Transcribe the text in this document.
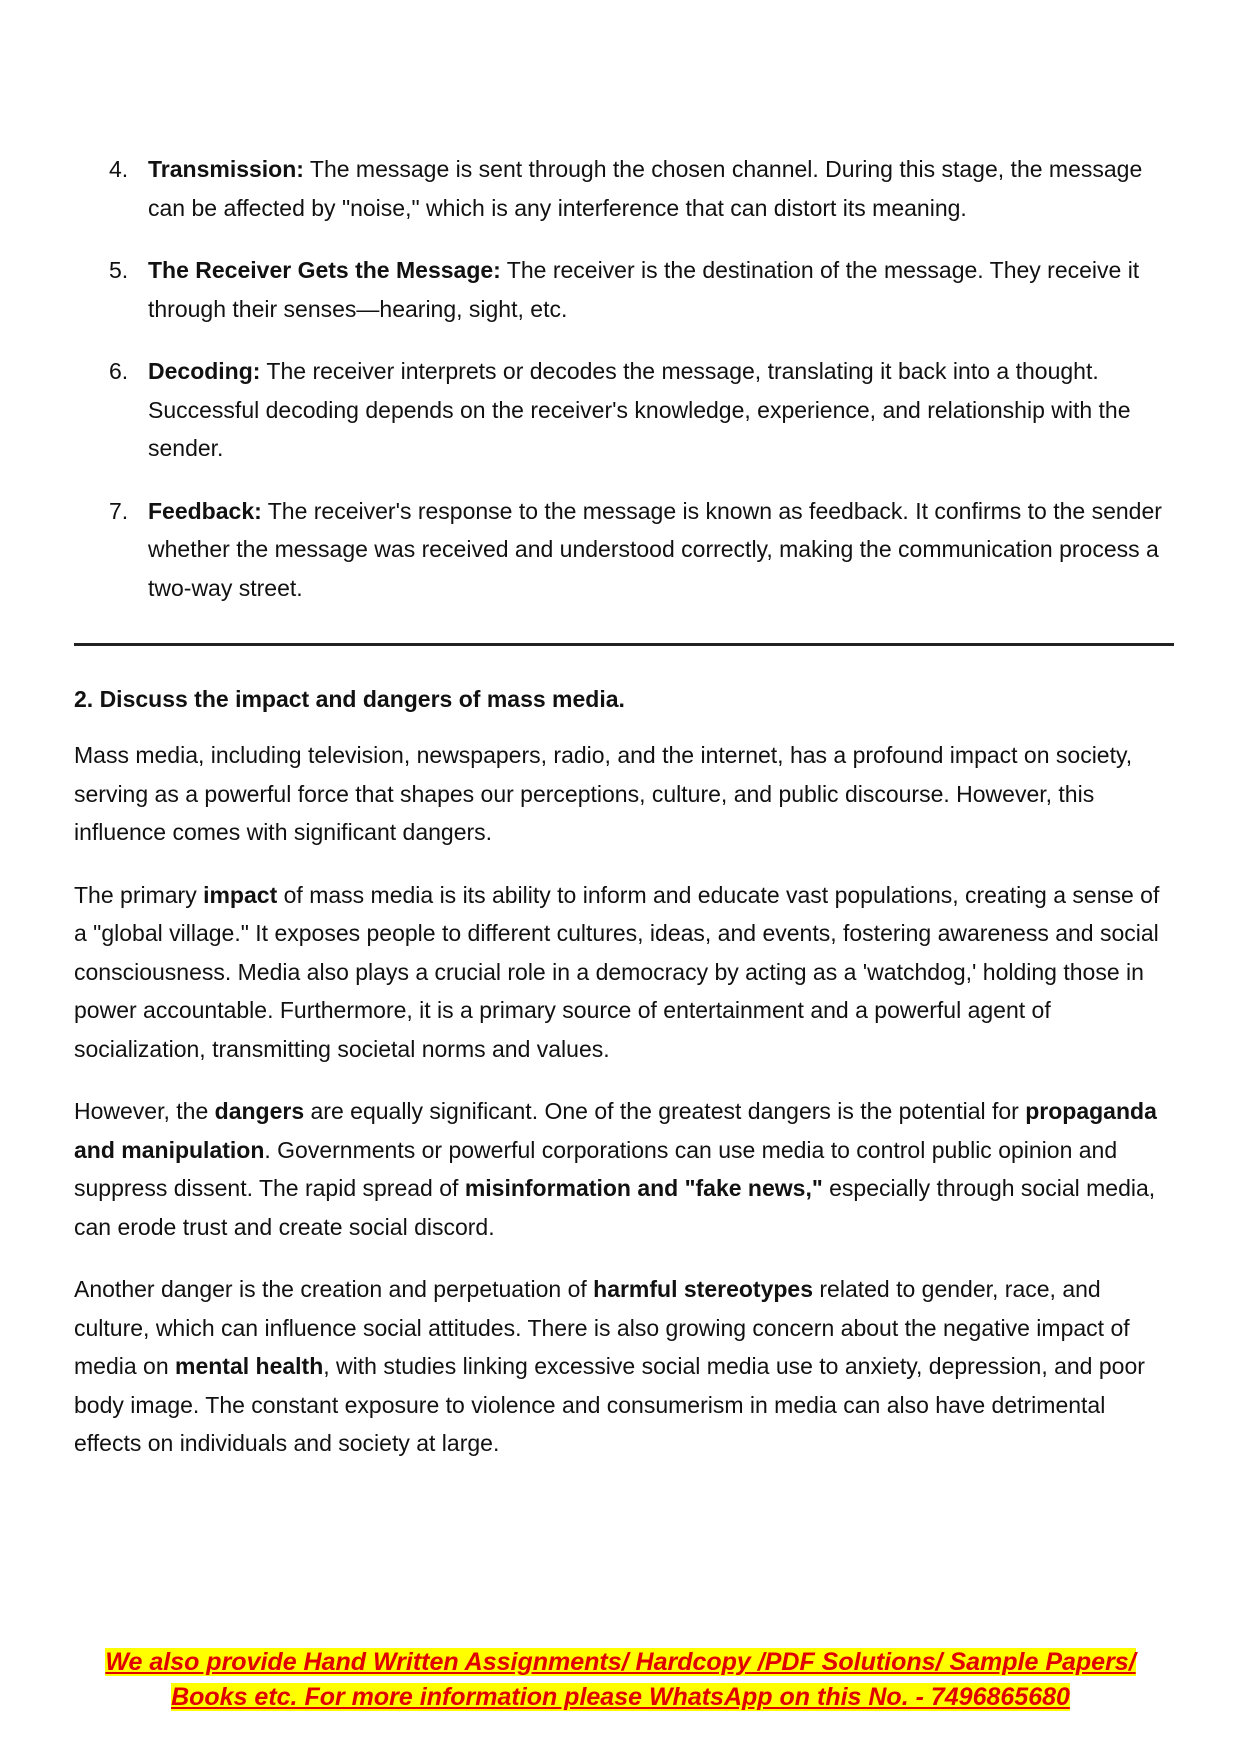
4. Transmission: The message is sent through the chosen channel. During this stage, the message can be affected by "noise," which is any interference that can distort its meaning.
5. The Receiver Gets the Message: The receiver is the destination of the message. They receive it through their senses—hearing, sight, etc.
6. Decoding: The receiver interprets or decodes the message, translating it back into a thought. Successful decoding depends on the receiver's knowledge, experience, and relationship with the sender.
7. Feedback: The receiver's response to the message is known as feedback. It confirms to the sender whether the message was received and understood correctly, making the communication process a two-way street.
2. Discuss the impact and dangers of mass media.

Mass media, including television, newspapers, radio, and the internet, has a profound impact on society, serving as a powerful force that shapes our perceptions, culture, and public discourse. However, this influence comes with significant dangers.

The primary impact of mass media is its ability to inform and educate vast populations, creating a sense of a "global village." It exposes people to different cultures, ideas, and events, fostering awareness and social consciousness. Media also plays a crucial role in a democracy by acting as a 'watchdog,' holding those in power accountable. Furthermore, it is a primary source of entertainment and a powerful agent of socialization, transmitting societal norms and values.

However, the dangers are equally significant. One of the greatest dangers is the potential for propaganda and manipulation. Governments or powerful corporations can use media to control public opinion and suppress dissent. The rapid spread of misinformation and "fake news," especially through social media, can erode trust and create social discord.

Another danger is the creation and perpetuation of harmful stereotypes related to gender, race, and culture, which can influence social attitudes. There is also growing concern about the negative impact of media on mental health, with studies linking excessive social media use to anxiety, depression, and poor body image. The constant exposure to violence and consumerism in media can also have detrimental effects on individuals and society at large.

We also provide Hand Written Assignments/ Hardcopy /PDF Solutions/ Sample Papers/
Books etc. For more information please WhatsApp on this No. - 7496865680
